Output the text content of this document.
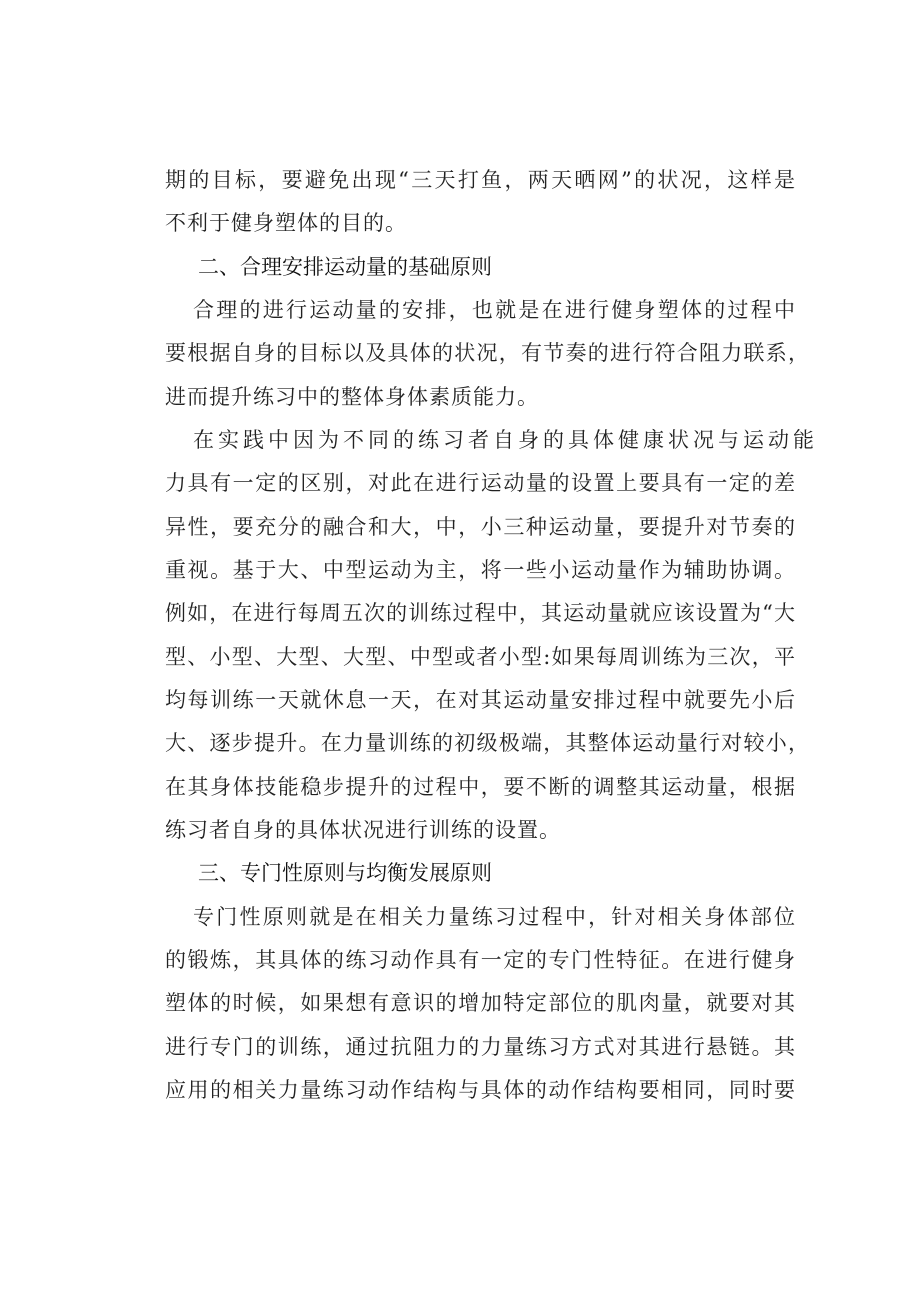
期的目标，要避免出现“三天打鱼，两天晒网”的状况，这样是
不利于健身塑体的目的。
二、合理安排运动量的基础原则
合理的进行运动量的安排，也就是在进行健身塑体的过程中
要根据自身的目标以及具体的状况，有节奏的进行符合阻力联系，
进而提升练习中的整体身体素质能力。
在实践中因为不同的练习者自身的具体健康状况与运动能
力具有一定的区别，对此在进行运动量的设置上要具有一定的差
异性，要充分的融合和大，中，小三种运动量，要提升对节奏的
重视。基于大、中型运动为主，将一些小运动量作为辅助协调。
例如，在进行每周五次的训练过程中，其运动量就应该设置为“大
型、小型、大型、大型、中型或者小型:如果每周训练为三次，平
均每训练一天就休息一天，在对其运动量安排过程中就要先小后
大、逐步提升。在力量训练的初级极端，其整体运动量行对较小，
在其身体技能稳步提升的过程中，要不断的调整其运动量，根据
练习者自身的具体状况进行训练的设置。
三、专门性原则与均衡发展原则
专门性原则就是在相关力量练习过程中，针对相关身体部位
的锻炼，其具体的练习动作具有一定的专门性特征。在进行健身
塑体的时候，如果想有意识的增加特定部位的肌肉量，就要对其
进行专门的训练，通过抗阻力的力量练习方式对其进行悬链。其
应用的相关力量练习动作结构与具体的动作结构要相同，同时要
